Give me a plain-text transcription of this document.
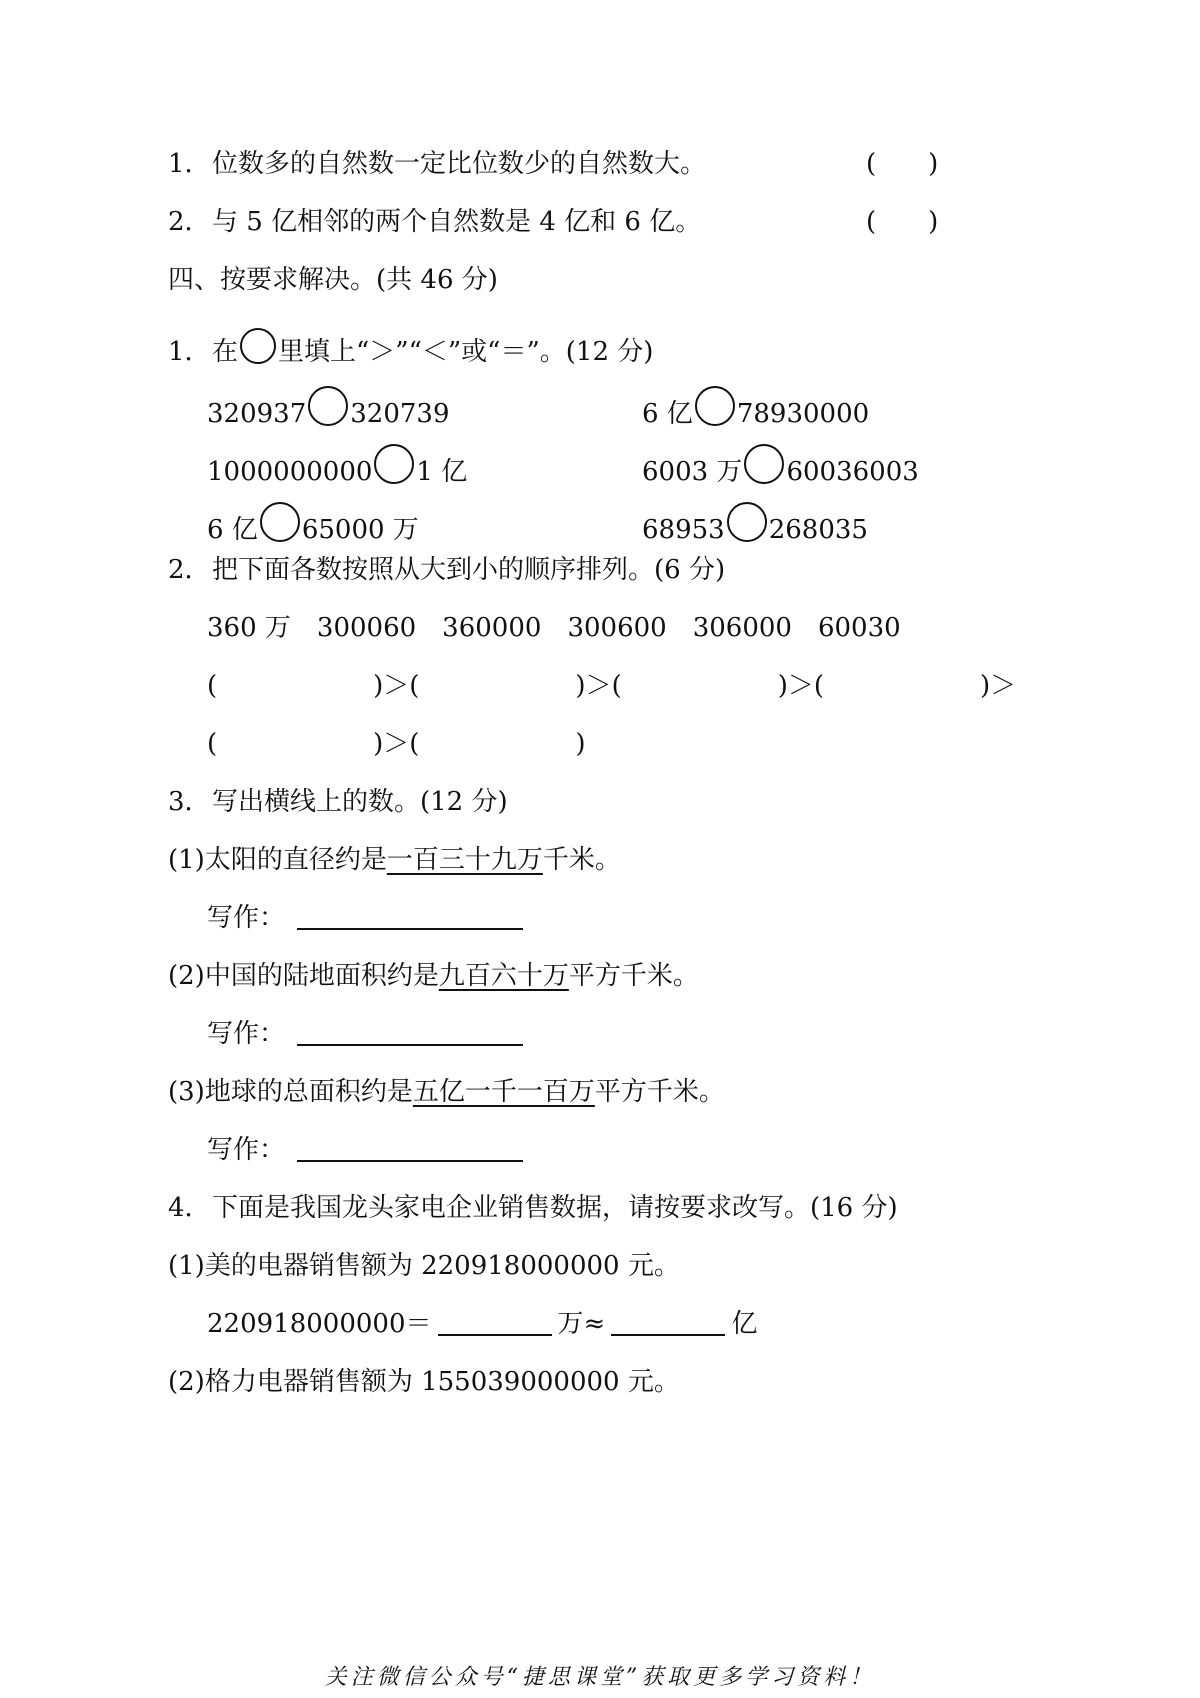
1．位数多的自然数一定比位数少的自然数大。	(　　)
2．与 5 亿相邻的两个自然数是 4 亿和 6 亿。	(　　)
四、按要求解决。(共 46 分)
1．在 里填上“＞”“＜”或“＝”。(12 分)
320937 320739	6 亿 78930000
1000000000 1 亿	6003 万 60036003
6 亿 65000 万	68953 268035
2．把下面各数按照从大到小的顺序排列。(6 分)
360 万 300060 360000 300600 306000 60030
(　　　　　　)＞(　　　　　　)＞(　　　　　　)＞(　　　　　　)＞
(　　　　　　)＞(　　　　　　)
3．写出横线上的数。(12 分)
(1)太阳的直径约是一百三十九万千米。
写作：
(2)中国的陆地面积约是九百六十万平方千米。
写作：
(3)地球的总面积约是五亿一千一百万平方千米。
写作：
4．下面是我国龙头家电企业销售数据，请按要求改写。(16 分)
(1)美的电器销售额为 220918000000 元。
220918000000＝	万≈	亿
(2)格力电器销售额为 155039000000 元。
关注微信公众号“捷思课堂”获取更多学习资料！
